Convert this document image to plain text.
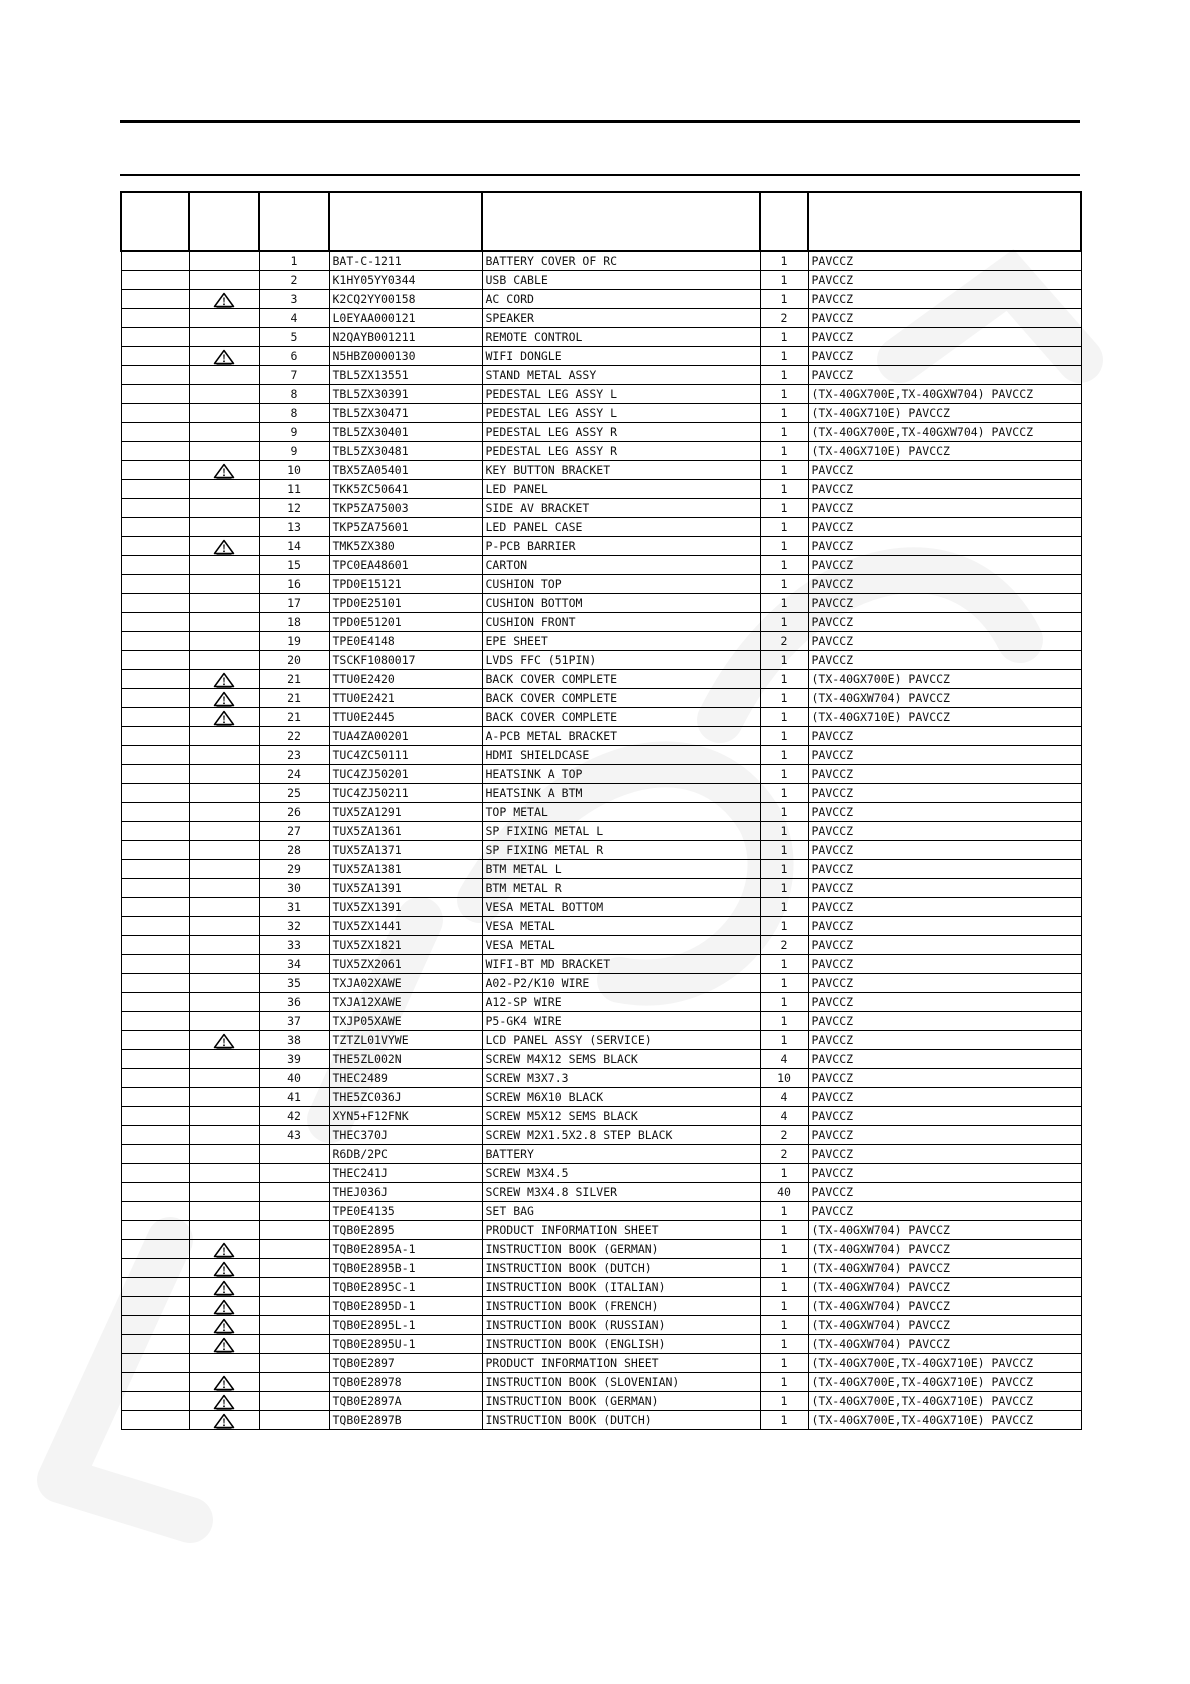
		1	BAT-C-1211	BATTERY COVER OF RC	1	PAVCCZ
		2	K1HY05YY0344	USB CABLE	1	PAVCCZ
		3	K2CQ2YY00158	AC CORD	1	PAVCCZ
		4	L0EYAA000121	SPEAKER	2	PAVCCZ
		5	N2QAYB001211	REMOTE CONTROL	1	PAVCCZ
		6	N5HBZ0000130	WIFI DONGLE	1	PAVCCZ
		7	TBL5ZX13551	STAND METAL ASSY	1	PAVCCZ
		8	TBL5ZX30391	PEDESTAL LEG ASSY L	1	(TX-40GX700E,TX-40GXW704) PAVCCZ
		8	TBL5ZX30471	PEDESTAL LEG ASSY L	1	(TX-40GX710E) PAVCCZ
		9	TBL5ZX30401	PEDESTAL LEG ASSY R	1	(TX-40GX700E,TX-40GXW704) PAVCCZ
		9	TBL5ZX30481	PEDESTAL LEG ASSY R	1	(TX-40GX710E) PAVCCZ
		10	TBX5ZA05401	KEY BUTTON BRACKET	1	PAVCCZ
		11	TKK5ZC50641	LED PANEL	1	PAVCCZ
		12	TKP5ZA75003	SIDE AV BRACKET	1	PAVCCZ
		13	TKP5ZA75601	LED PANEL CASE	1	PAVCCZ
		14	TMK5ZX380	P-PCB BARRIER	1	PAVCCZ
		15	TPC0EA48601	CARTON	1	PAVCCZ
		16	TPD0E15121	CUSHION TOP	1	PAVCCZ
		17	TPD0E25101	CUSHION BOTTOM	1	PAVCCZ
		18	TPD0E51201	CUSHION FRONT	1	PAVCCZ
		19	TPE0E4148	EPE SHEET	2	PAVCCZ
		20	TSCKF1080017	LVDS FFC (51PIN)	1	PAVCCZ
		21	TTU0E2420	BACK COVER COMPLETE	1	(TX-40GX700E) PAVCCZ
		21	TTU0E2421	BACK COVER COMPLETE	1	(TX-40GXW704) PAVCCZ
		21	TTU0E2445	BACK COVER COMPLETE	1	(TX-40GX710E) PAVCCZ
		22	TUA4ZA00201	A-PCB METAL BRACKET	1	PAVCCZ
		23	TUC4ZC50111	HDMI SHIELDCASE	1	PAVCCZ
		24	TUC4ZJ50201	HEATSINK A TOP	1	PAVCCZ
		25	TUC4ZJ50211	HEATSINK A BTM	1	PAVCCZ
		26	TUX5ZA1291	TOP METAL	1	PAVCCZ
		27	TUX5ZA1361	SP FIXING METAL L	1	PAVCCZ
		28	TUX5ZA1371	SP FIXING METAL R	1	PAVCCZ
		29	TUX5ZA1381	BTM METAL L	1	PAVCCZ
		30	TUX5ZA1391	BTM METAL R	1	PAVCCZ
		31	TUX5ZX1391	VESA METAL BOTTOM	1	PAVCCZ
		32	TUX5ZX1441	VESA METAL	1	PAVCCZ
		33	TUX5ZX1821	VESA METAL	2	PAVCCZ
		34	TUX5ZX2061	WIFI-BT MD BRACKET	1	PAVCCZ
		35	TXJA02XAWE	A02-P2/K10 WIRE	1	PAVCCZ
		36	TXJA12XAWE	A12-SP WIRE	1	PAVCCZ
		37	TXJP05XAWE	P5-GK4 WIRE	1	PAVCCZ
		38	TZTZL01VYWE	LCD PANEL ASSY (SERVICE)	1	PAVCCZ
		39	THE5ZL002N	SCREW M4X12 SEMS BLACK	4	PAVCCZ
		40	THEC2489	SCREW M3X7.3	10	PAVCCZ
		41	THE5ZC036J	SCREW M6X10 BLACK	4	PAVCCZ
		42	XYN5+F12FNK	SCREW M5X12 SEMS BLACK	4	PAVCCZ
		43	THEC370J	SCREW M2X1.5X2.8 STEP BLACK	2	PAVCCZ
			R6DB/2PC	BATTERY	2	PAVCCZ
			THEC241J	SCREW M3X4.5	1	PAVCCZ
			THEJ036J	SCREW M3X4.8 SILVER	40	PAVCCZ
			TPE0E4135	SET BAG	1	PAVCCZ
			TQB0E2895	PRODUCT INFORMATION SHEET	1	(TX-40GXW704) PAVCCZ
			TQB0E2895A-1	INSTRUCTION BOOK (GERMAN)	1	(TX-40GXW704) PAVCCZ
			TQB0E2895B-1	INSTRUCTION BOOK (DUTCH)	1	(TX-40GXW704) PAVCCZ
			TQB0E2895C-1	INSTRUCTION BOOK (ITALIAN)	1	(TX-40GXW704) PAVCCZ
			TQB0E2895D-1	INSTRUCTION BOOK (FRENCH)	1	(TX-40GXW704) PAVCCZ
			TQB0E2895L-1	INSTRUCTION BOOK (RUSSIAN)	1	(TX-40GXW704) PAVCCZ
			TQB0E2895U-1	INSTRUCTION BOOK (ENGLISH)	1	(TX-40GXW704) PAVCCZ
			TQB0E2897	PRODUCT INFORMATION SHEET	1	(TX-40GX700E,TX-40GX710E) PAVCCZ
			TQB0E28978	INSTRUCTION BOOK (SLOVENIAN)	1	(TX-40GX700E,TX-40GX710E) PAVCCZ
			TQB0E2897A	INSTRUCTION BOOK (GERMAN)	1	(TX-40GX700E,TX-40GX710E) PAVCCZ
			TQB0E2897B	INSTRUCTION BOOK (DUTCH)	1	(TX-40GX700E,TX-40GX710E) PAVCCZ
